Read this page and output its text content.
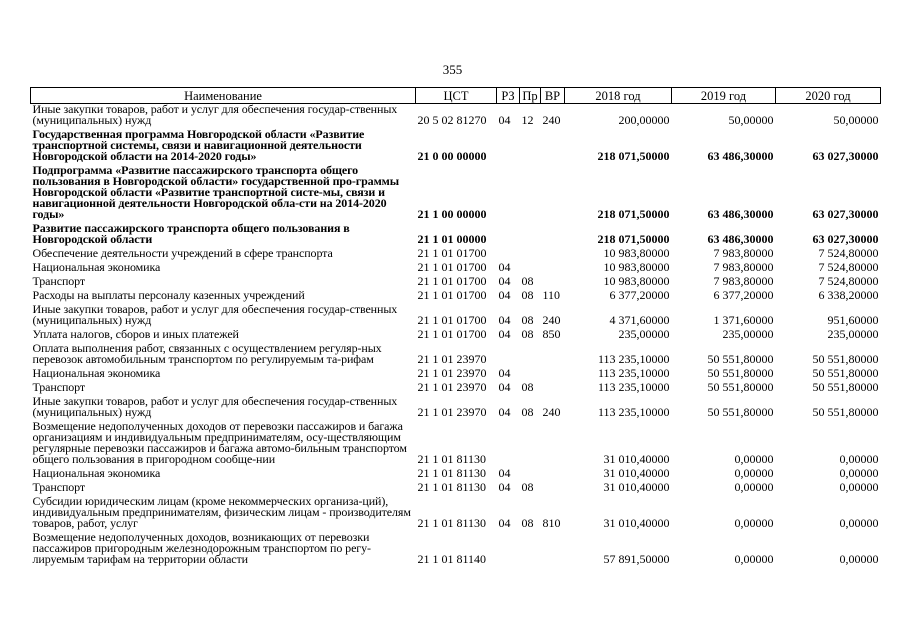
355
Наименование	ЦСТ	РЗ	Пр	ВР	2018 год	2019 год	2020 год
Иные закупки товаров, работ и услуг для обеспечения государ-ственных (муниципальных) нужд	20 5 02 81270	04	12	240	200,00000	50,00000	50,00000
Государственная программа Новгородской области «Развитие транспортной системы, связи и навигационной деятельности Новгородской области на 2014-2020 годы»	21 0 00 00000				218 071,50000	63 486,30000	63 027,30000
Подпрограмма «Развитие пассажирского транспорта общего пользования в Новгородской области» государственной про-граммы Новгородской области «Развитие транспортной систе-мы, связи и навигационной деятельности Новгородской обла-сти на 2014-2020 годы»	21 1 00 00000				218 071,50000	63 486,30000	63 027,30000
Развитие пассажирского транспорта общего пользования в Новгородской области	21 1 01 00000				218 071,50000	63 486,30000	63 027,30000
Обеспечение деятельности учреждений в сфере транспорта	21 1 01 01700				10 983,80000	7 983,80000	7 524,80000
Национальная экономика	21 1 01 01700	04			10 983,80000	7 983,80000	7 524,80000
Транспорт	21 1 01 01700	04	08		10 983,80000	7 983,80000	7 524,80000
Расходы на выплаты персоналу казенных учреждений	21 1 01 01700	04	08	110	6 377,20000	6 377,20000	6 338,20000
Иные закупки товаров, работ и услуг для обеспечения государ-ственных (муниципальных) нужд	21 1 01 01700	04	08	240	4 371,60000	1 371,60000	951,60000
Уплата налогов, сборов и иных платежей	21 1 01 01700	04	08	850	235,00000	235,00000	235,00000
Оплата выполнения работ, связанных с осуществлением регуляр-ных перевозок автомобильным транспортом по регулируемым та-рифам	21 1 01 23970				113 235,10000	50 551,80000	50 551,80000
Национальная экономика	21 1 01 23970	04			113 235,10000	50 551,80000	50 551,80000
Транспорт	21 1 01 23970	04	08		113 235,10000	50 551,80000	50 551,80000
Иные закупки товаров, работ и услуг для обеспечения государ-ственных (муниципальных) нужд	21 1 01 23970	04	08	240	113 235,10000	50 551,80000	50 551,80000
Возмещение недополученных доходов от перевозки пассажиров и багажа организациям и индивидуальным предпринимателям, осу-ществляющим регулярные перевозки пассажиров и багажа автомо-бильным транспортом общего пользования в пригородном сообще-нии	21 1 01 81130				31 010,40000	0,00000	0,00000
Национальная экономика	21 1 01 81130	04			31 010,40000	0,00000	0,00000
Транспорт	21 1 01 81130	04	08		31 010,40000	0,00000	0,00000
Субсидии юридическим лицам (кроме некоммерческих организа-ций), индивидуальным предпринимателям, физическим лицам - производителям товаров, работ, услуг	21 1 01 81130	04	08	810	31 010,40000	0,00000	0,00000
Возмещение недополученных доходов, возникающих от перевозки пассажиров пригородным железнодорожным транспортом по регу-лируемым тарифам на территории области	21 1 01 81140				57 891,50000	0,00000	0,00000
